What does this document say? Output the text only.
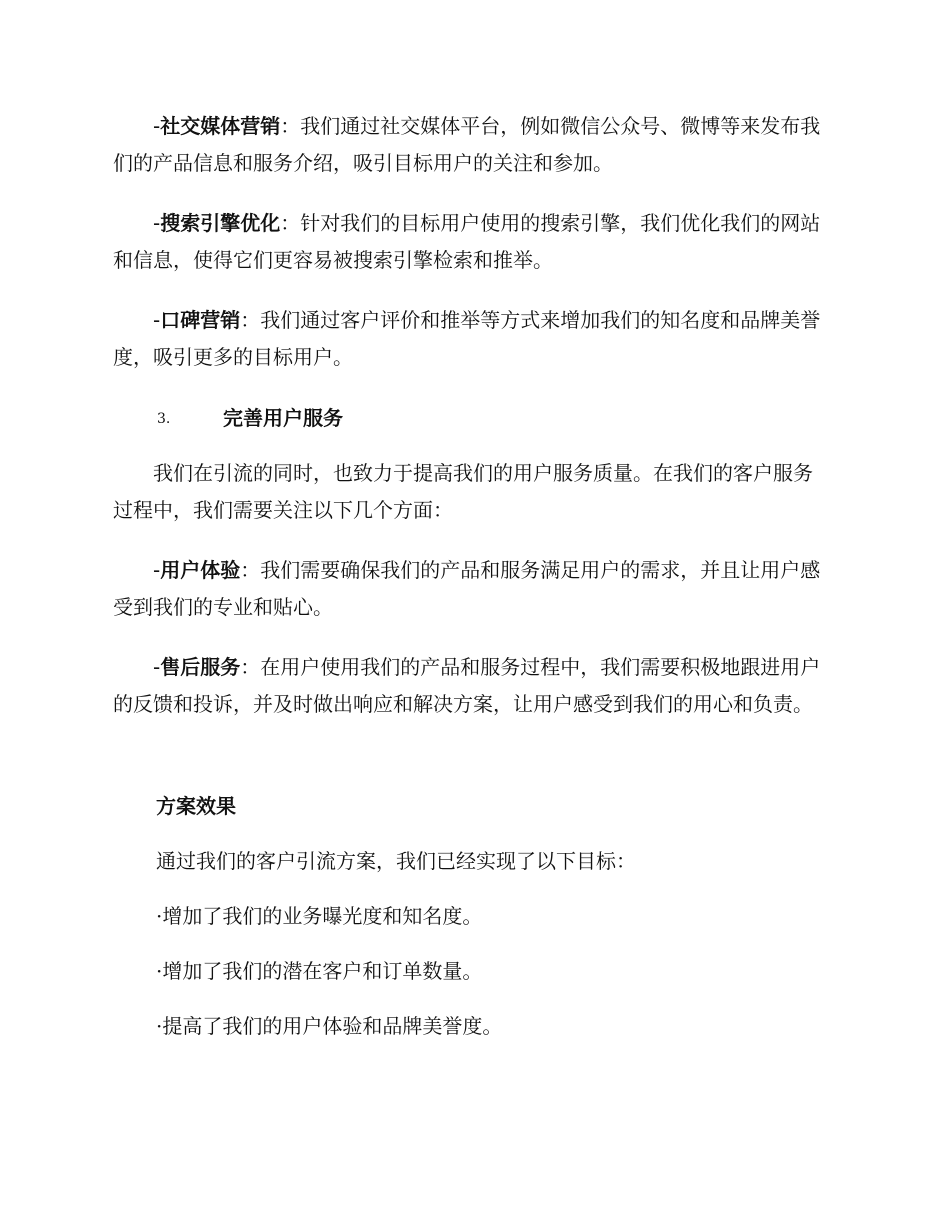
-社交媒体营销：我们通过社交媒体平台，例如微信公众号、微博等来发布我们的产品信息和服务介绍，吸引目标用户的关注和参加。

-搜索引擎优化：针对我们的目标用户使用的搜索引擎，我们优化我们的网站和信息，使得它们更容易被搜索引擎检索和推举。

-口碑营销：我们通过客户评价和推举等方式来增加我们的知名度和品牌美誉度，吸引更多的目标用户。

3.	完善用户服务

我们在引流的同时，也致力于提高我们的用户服务质量。在我们的客户服务过程中，我们需要关注以下几个方面：

-用户体验：我们需要确保我们的产品和服务满足用户的需求，并且让用户感受到我们的专业和贴心。

-售后服务：在用户使用我们的产品和服务过程中，我们需要积极地跟进用户的反馈和投诉，并及时做出响应和解决方案，让用户感受到我们的用心和负责。

方案效果

通过我们的客户引流方案，我们已经实现了以下目标：

·增加了我们的业务曝光度和知名度。

·增加了我们的潜在客户和订单数量。

·提高了我们的用户体验和品牌美誉度。
